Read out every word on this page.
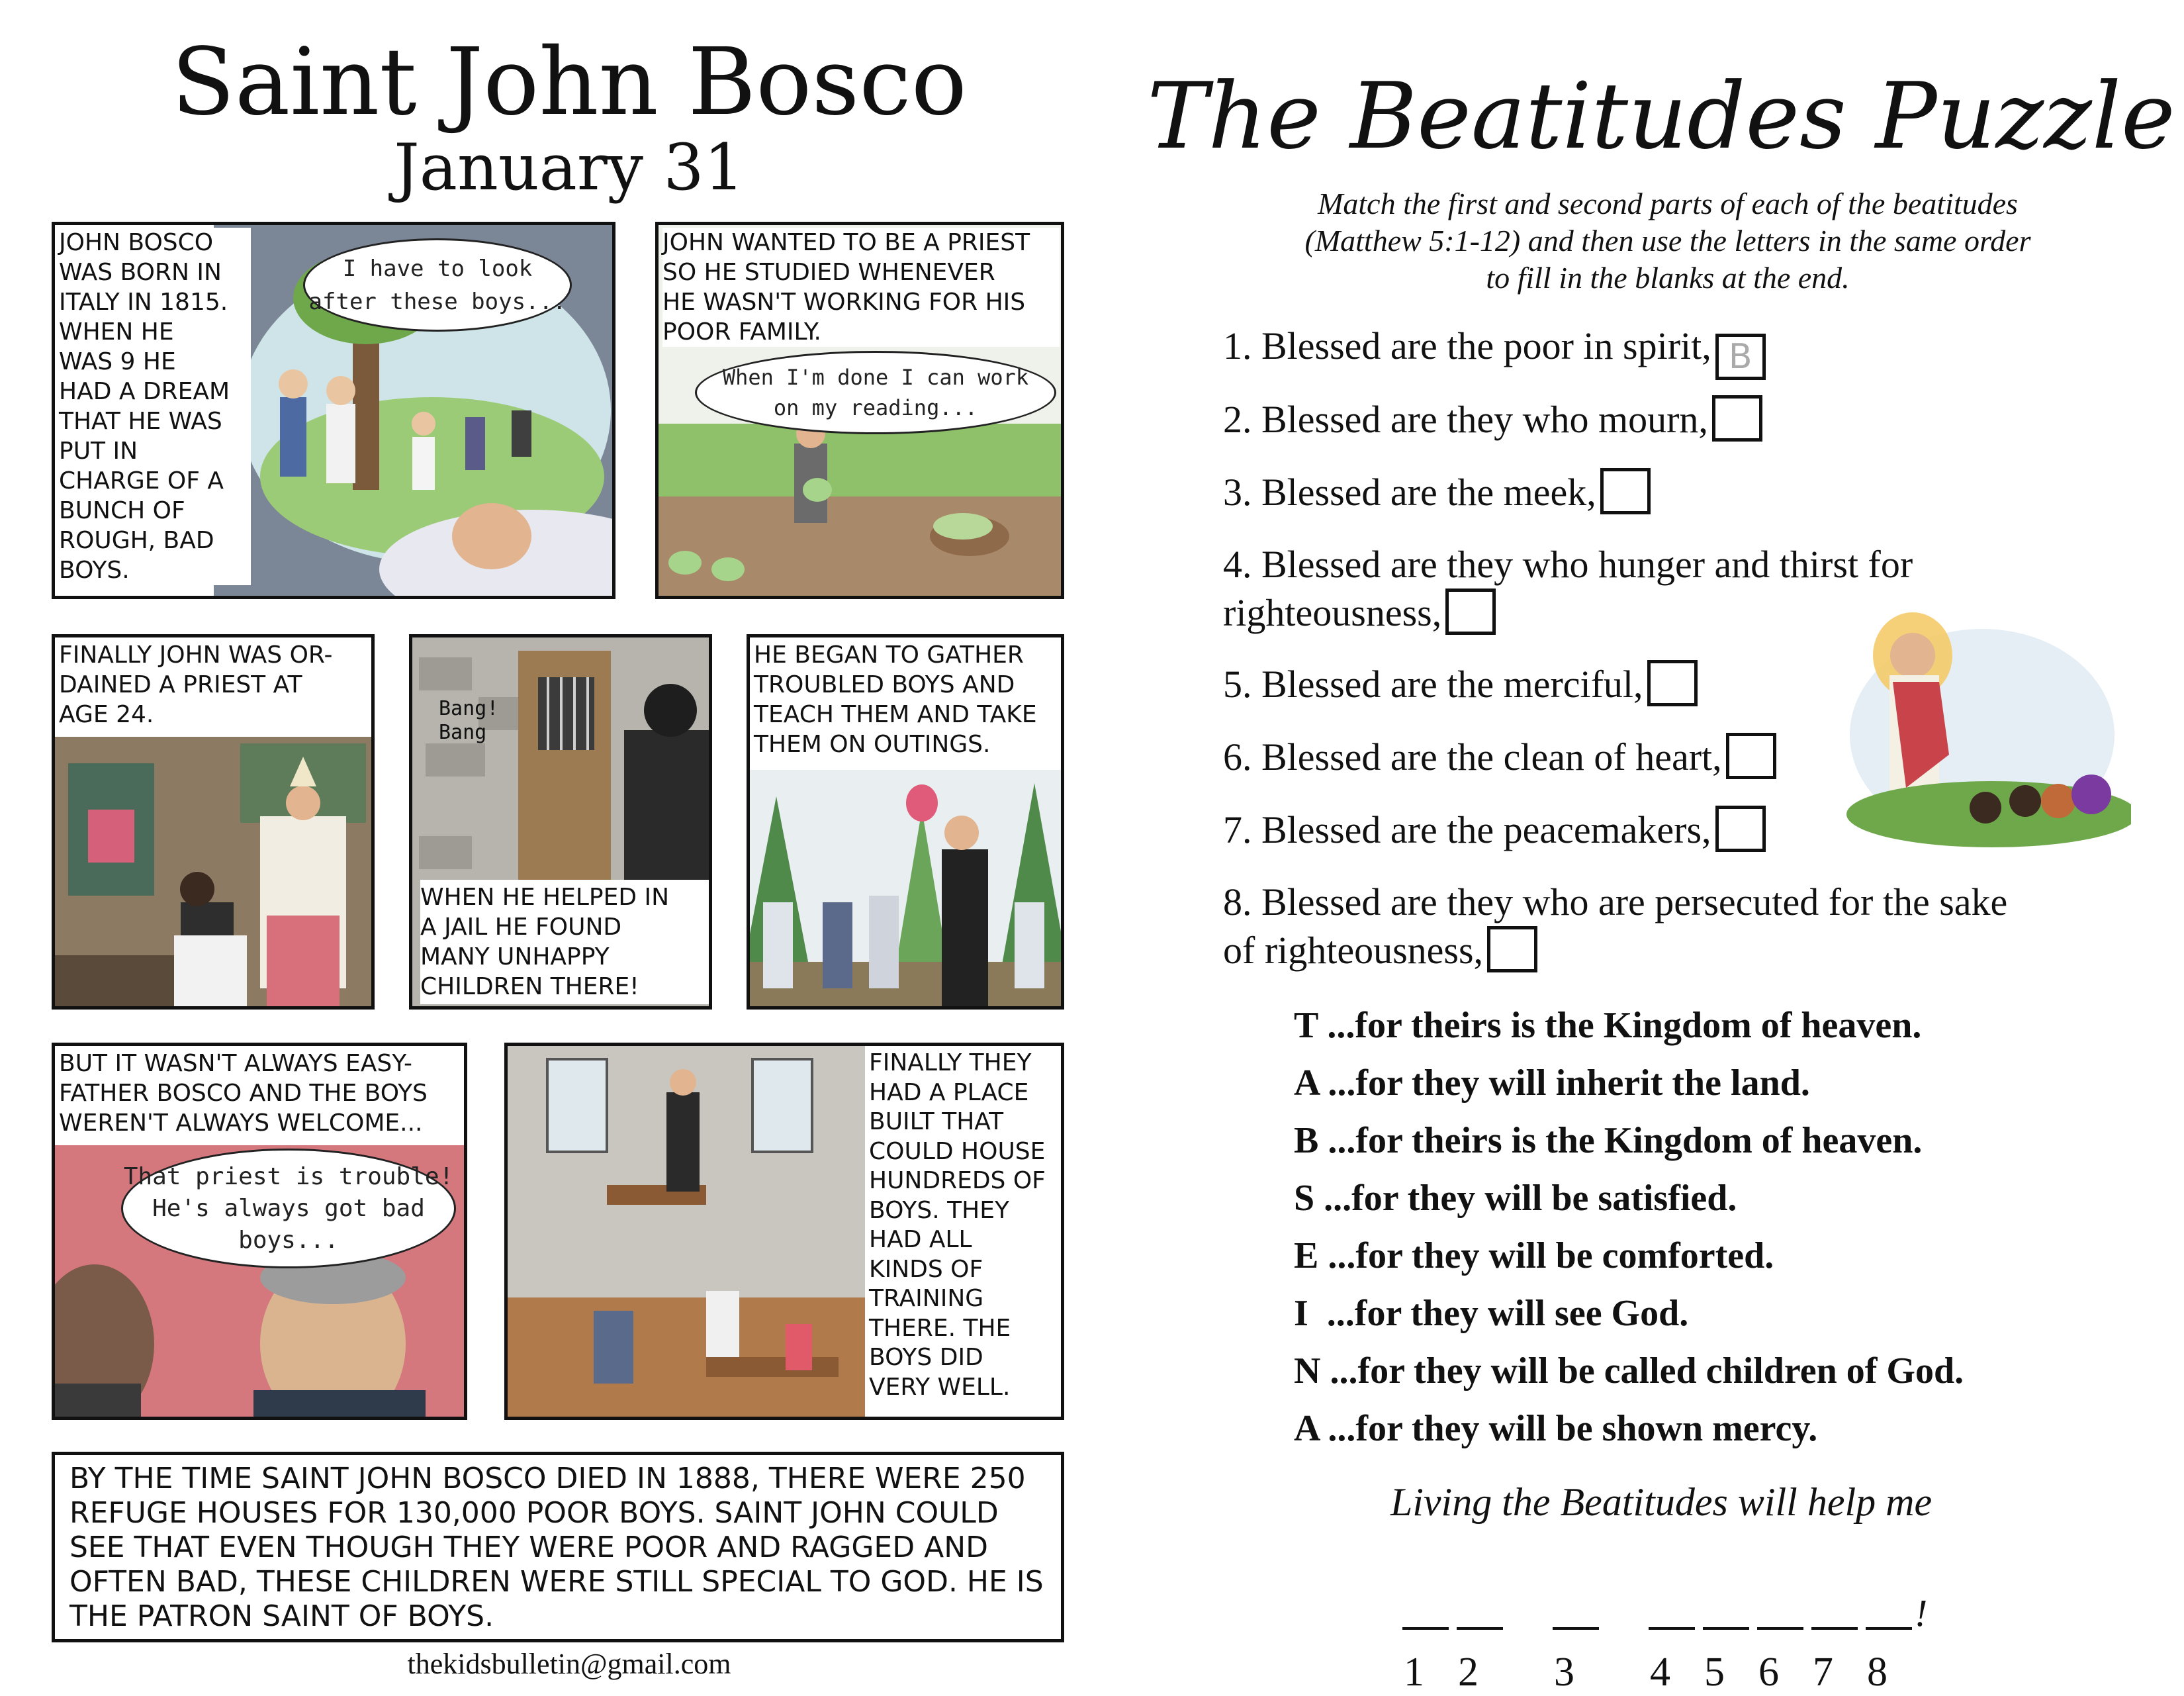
Saint John Bosco
January 31
JOHN BOSCO
WAS BORN IN
ITALY IN 1815.
WHEN HE
WAS 9 HE
HAD A DREAM
THAT HE WAS
PUT IN
CHARGE OF A
BUNCH OF
ROUGH, BAD
BOYS.
I have to look
after these boys...
JOHN WANTED TO BE A PRIEST
SO HE STUDIED WHENEVER
HE WASN'T WORKING FOR HIS
POOR FAMILY.
When I'm done I can work
on my reading...
FINALLY JOHN WAS OR-
DAINED A PRIEST AT
AGE 24.	Bang! Bang
WHEN HE HELPED IN
A JAIL HE FOUND
MANY UNHAPPY
CHILDREN THERE!
HE BEGAN TO GATHER
TROUBLED BOYS AND
TEACH THEM AND TAKE
THEM ON OUTINGS.
BUT IT WASN'T ALWAYS EASY-
FATHER BOSCO AND THE BOYS
WEREN'T ALWAYS WELCOME...
That priest is trouble!
He's always got bad
boys...
FINALLY THEY
HAD A PLACE
BUILT THAT
COULD HOUSE
HUNDREDS OF
BOYS. THEY
HAD ALL
KINDS OF
TRAINING
THERE. THE
BOYS DID
VERY WELL.
BY THE TIME SAINT JOHN BOSCO DIED IN 1888, THERE WERE 250 REFUGE HOUSES FOR 130,000 POOR BOYS. SAINT JOHN COULD SEE THAT EVEN THOUGH THEY WERE POOR AND RAGGED AND OFTEN BAD, THESE CHILDREN WERE STILL SPECIAL TO GOD. HE IS THE PATRON SAINT OF BOYS.
thekidsbulletin@gmail.com
The Beatitudes Puzzle
Match the first and second parts of each of the beatitudes
(Matthew 5:1-12) and then use the letters in the same order
to fill in the blanks at the end.
1. Blessed are the poor in spirit, B
2. Blessed are they who mourn,
3. Blessed are the meek,
4. Blessed are they who hunger and thirst for
righteousness,
5. Blessed are the merciful,
6. Blessed are the clean of heart,
7. Blessed are the peacemakers,
8. Blessed are they who are persecuted for the sake
of righteousness,
T ...for theirs is the Kingdom of heaven.
A ...for they will inherit the land.
B ...for theirs is the Kingdom of heaven.
S ...for they will be satisfied.
E ...for they will be comforted.
I  ...for they will see God.
N ...for they will be called children of God.
A ...for they will be shown mercy.
Living the Beatitudes will help me

!

1 2 3 4 5 6 7 8
